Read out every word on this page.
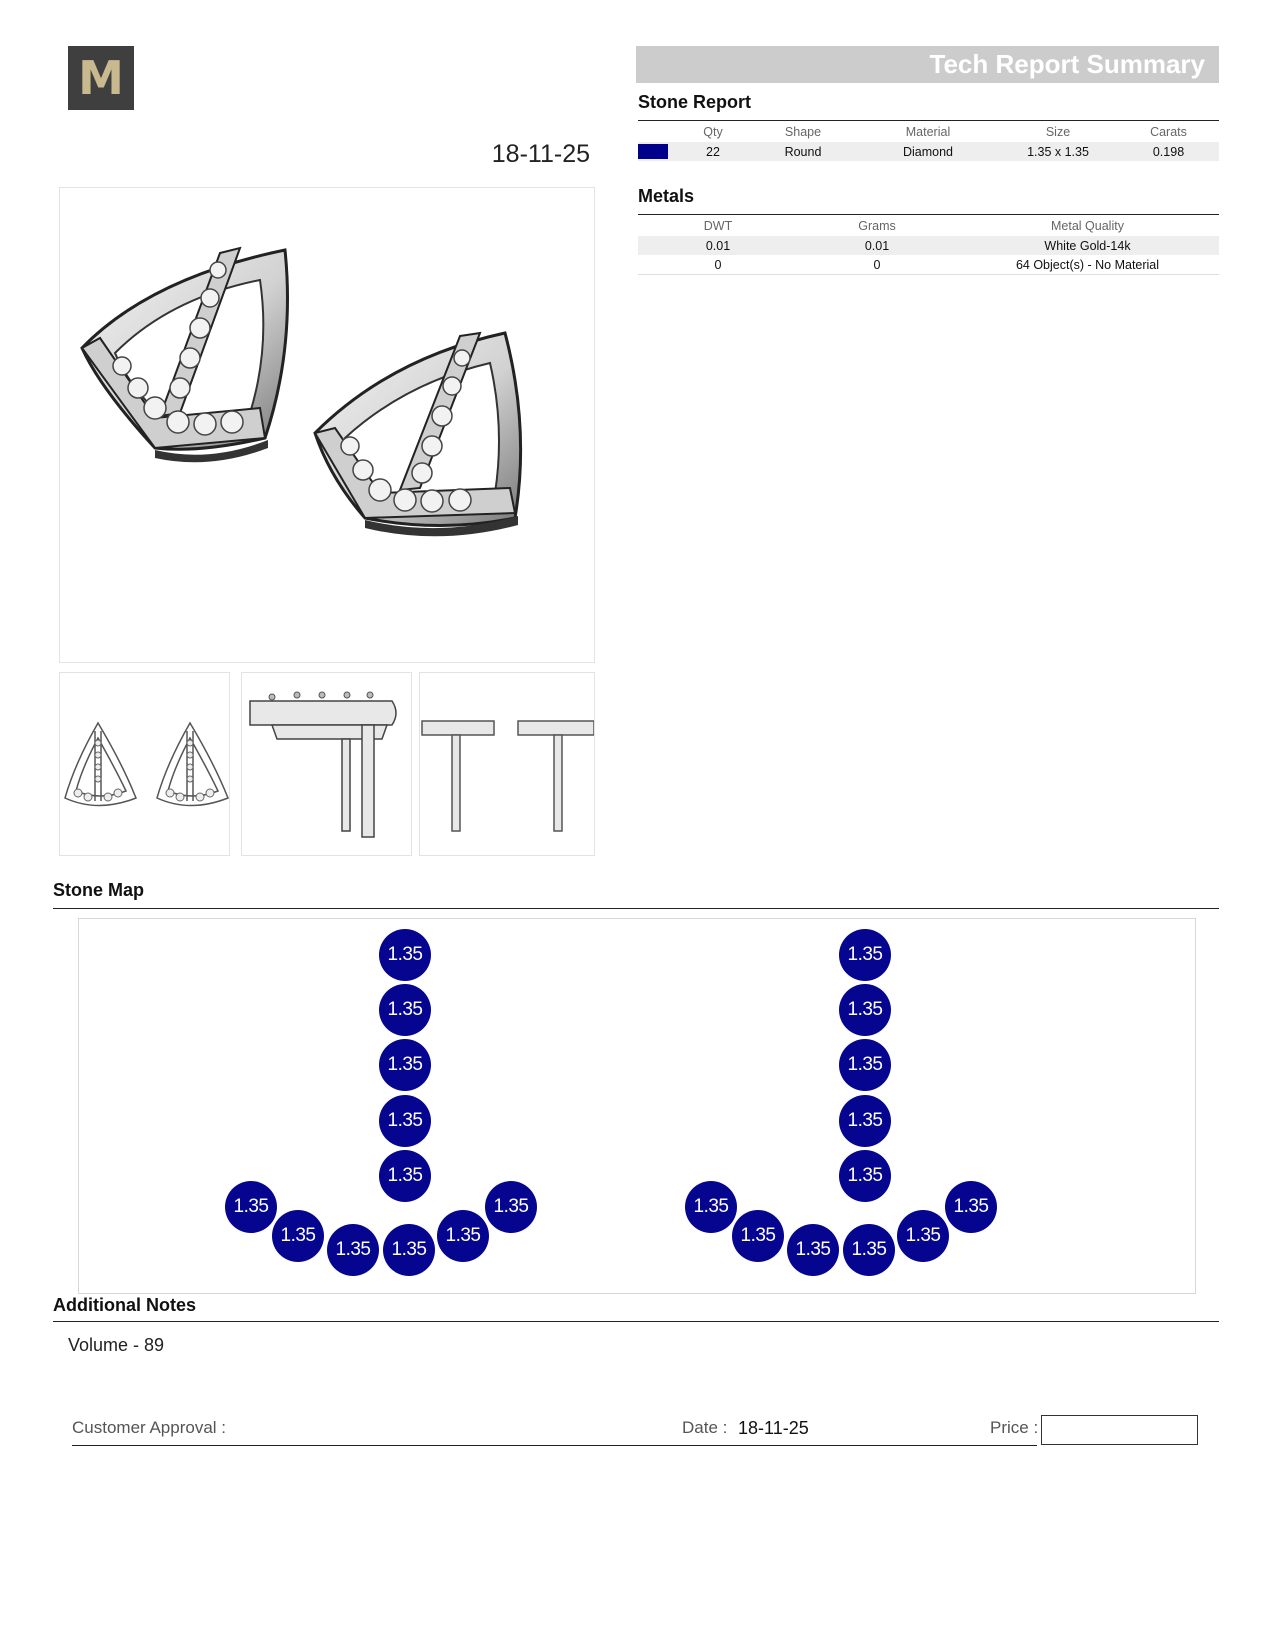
M
18-11-25
Tech Report Summary
Stone Report
	Qty	Shape	Material	Size	Carats
	22	Round	Diamond	1.35 x 1.35	0.198
Metals
DWT	Grams	Metal Quality
0.01	0.01	White Gold-14k
0	0	64 Object(s) - No Material
Stone Map
1.35
1.35
1.35
1.35
1.35
1.35
1.35
1.35	1.35
1.35
1.35
1.35
1.35
1.35
1.35
1.35
1.35
1.35
1.35	1.35
1.35
1.35
Additional Notes
Volume - 89
Customer Approval :	Date : 18-11-25	Price :
